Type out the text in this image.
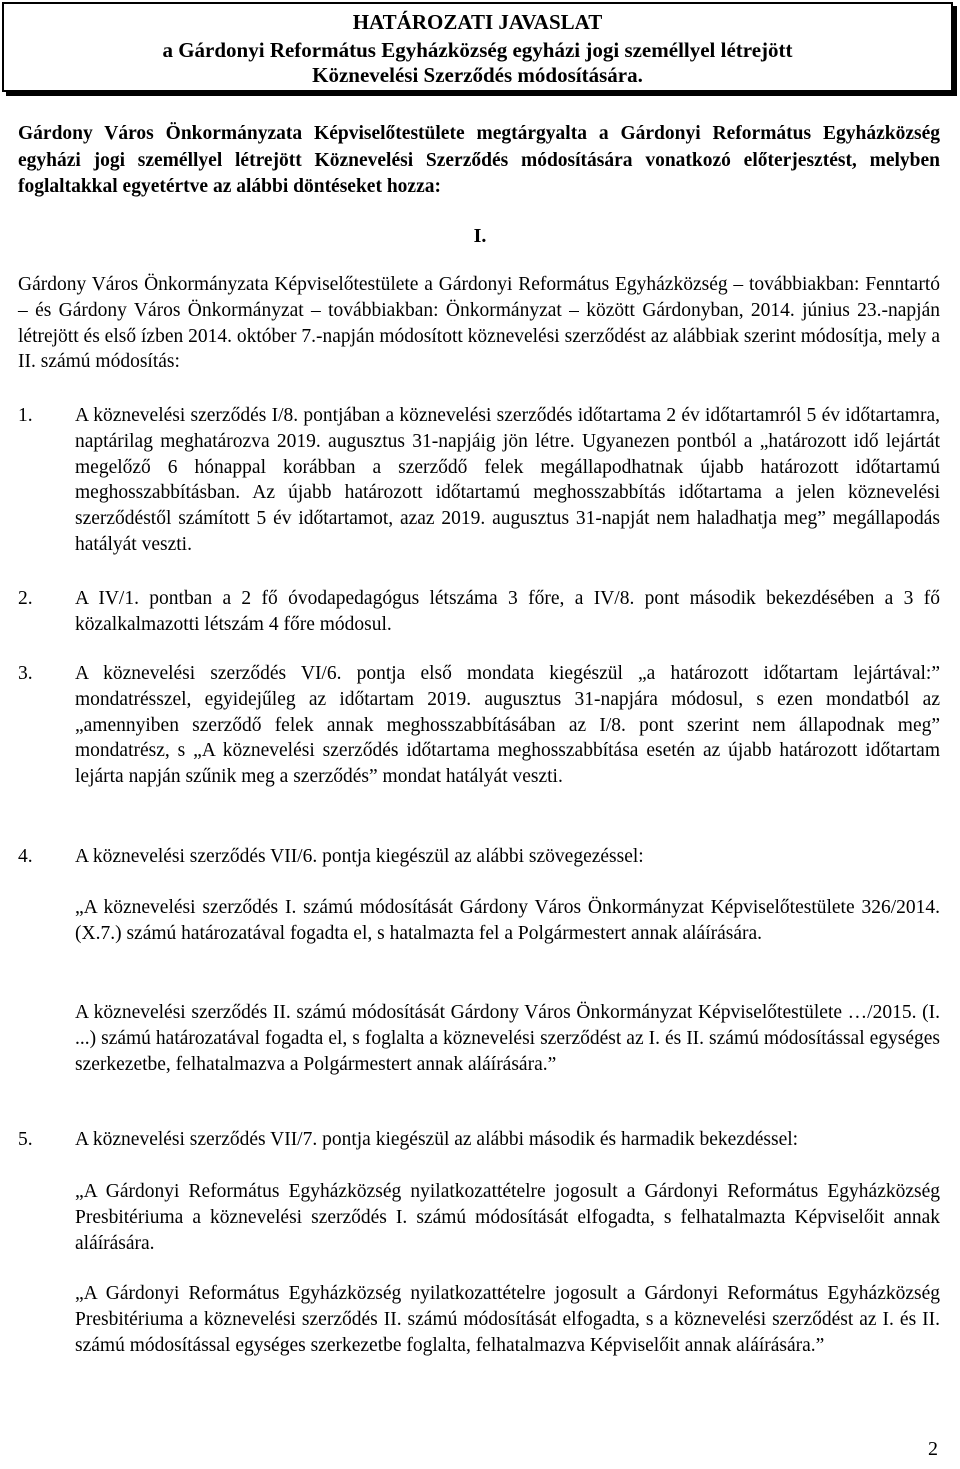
HATÁROZATI JAVASLAT
a Gárdonyi Református Egyházközség egyházi jogi személlyel létrejött
Köznevelési Szerződés módosítására.
Gárdony Város Önkormányzata Képviselőtestülete megtárgyalta a Gárdonyi Református Egyházközség egyházi jogi személlyel létrejött Köznevelési Szerződés módosítására vonatkozó előterjesztést, melyben foglaltakkal egyetértve az alábbi döntéseket hozza:
I.
Gárdony Város Önkormányzata Képviselőtestülete a Gárdonyi Református Egyházközség – továbbiakban: Fenntartó – és Gárdony Város Önkormányzat – továbbiakban: Önkormányzat – között Gárdonyban, 2014. június 23.-napján létrejött és első ízben 2014. október 7.-napján módosított köznevelési szerződést az alábbiak szerint módosítja, mely a II. számú módosítás:
1. A köznevelési szerződés I/8. pontjában a köznevelési szerződés időtartama 2 év időtartamról 5 év időtartamra, naptárilag meghatározva 2019. augusztus 31-napjáig jön létre. Ugyanezen pontból a „határozott idő lejártát megelőző 6 hónappal korábban a szerződő felek megállapodhatnak újabb határozott időtartamú meghosszabbításban. Az újabb határozott időtartamú meghosszabbítás időtartama a jelen köznevelési szerződéstől számított 5 év időtartamot, azaz 2019. augusztus 31-napját nem haladhatja meg” megállapodás hatályát veszti.
2. A IV/1. pontban a 2 fő óvodapedagógus létszáma 3 főre, a IV/8. pont második bekezdésében a 3 fő közalkalmazotti létszám 4 főre módosul.
3. A köznevelési szerződés VI/6. pontja első mondata kiegészül „a határozott időtartam lejártával:” mondatrésszel, egyidejűleg az időtartam 2019. augusztus 31-napjára módosul, s ezen mondatból az „amennyiben szerződő felek annak meghosszabbításában az I/8. pont szerint nem állapodnak meg” mondatrész, s „A köznevelési szerződés időtartama meghosszabbítása esetén az újabb határozott időtartam lejárta napján szűnik meg a szerződés” mondat hatályát veszti.
4. A köznevelési szerződés VII/6. pontja kiegészül az alábbi szövegezéssel:
„A köznevelési szerződés I. számú módosítását Gárdony Város Önkormányzat Képviselőtestülete 326/2014. (X.7.) számú határozatával fogadta el, s hatalmazta fel a Polgármestert annak aláírására.
A köznevelési szerződés II. számú módosítását Gárdony Város Önkormányzat Képviselőtestülete …/2015. (I. ...) számú határozatával fogadta el, s foglalta a köznevelési szerződést az I. és II. számú módosítással egységes szerkezetbe, felhatalmazva a Polgármestert annak aláírására.”
5. A köznevelési szerződés VII/7. pontja kiegészül az alábbi második és harmadik bekezdéssel:
„A Gárdonyi Református Egyházközség nyilatkozattételre jogosult a Gárdonyi Református Egyházközség Presbitériuma a köznevelési szerződés I. számú módosítását elfogadta, s felhatalmazta Képviselőit annak aláírására.
„A Gárdonyi Református Egyházközség nyilatkozattételre jogosult a Gárdonyi Református Egyházközség Presbitériuma a köznevelési szerződés II. számú módosítását elfogadta, s a köznevelési szerződést az I. és II. számú módosítással egységes szerkezetbe foglalta, felhatalmazva Képviselőit annak aláírására.”
2
